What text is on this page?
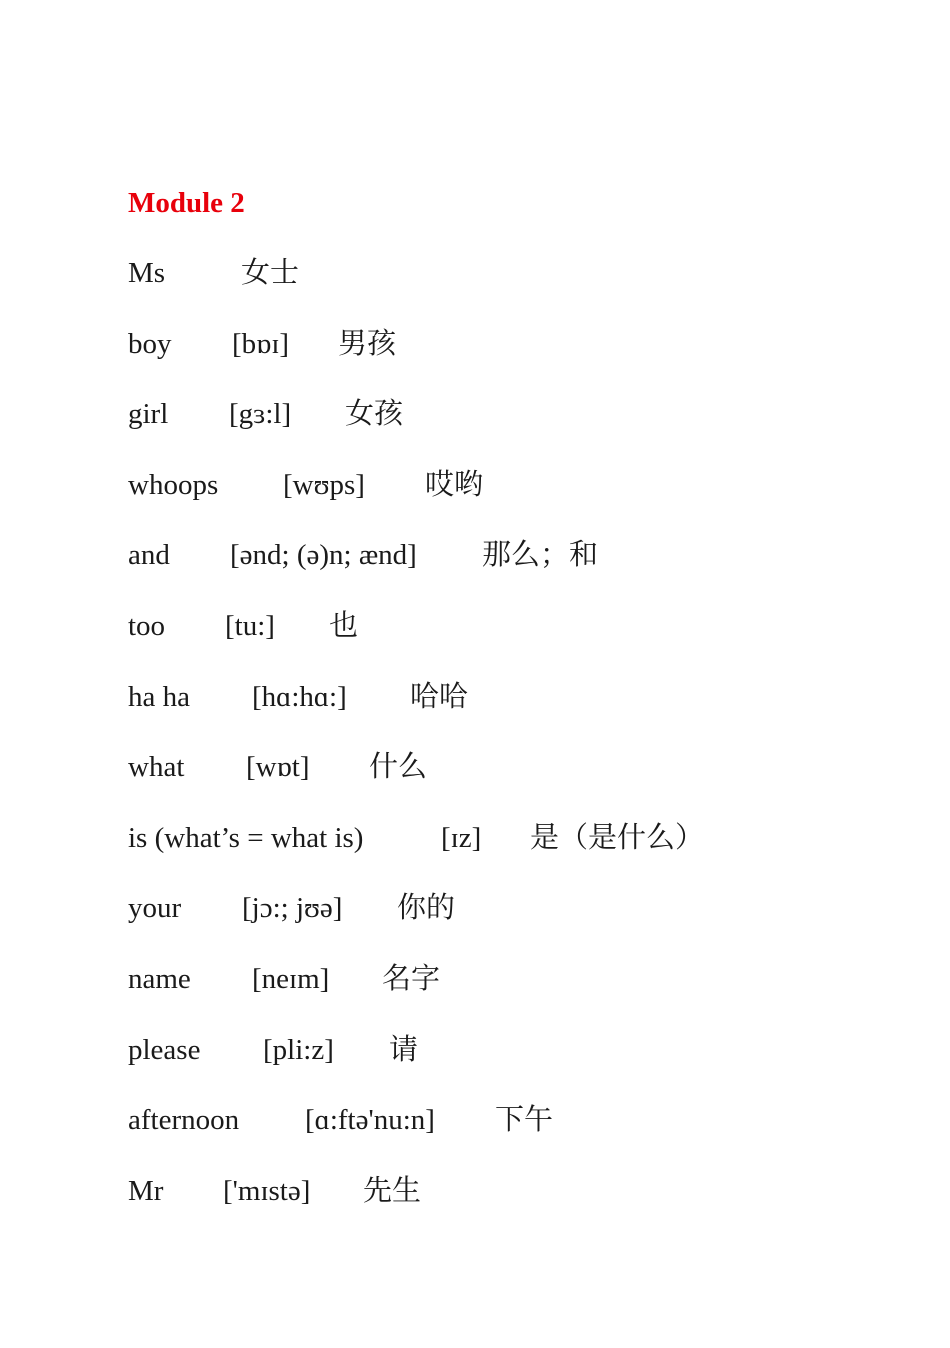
Module 2
Ms	女士
boy	[bɒɪ]	男孩
girl	[gɜ:l]	女孩
whoops	[wʊps]	哎哟
and	[ənd; (ə)n; ænd]	那么；和
too	[tu:]	也
ha ha	[hɑ:hɑ:]	哈哈
what	[wɒt]	什么
is (what’s = what is)	[ɪz]	是（是什么）
your	[jɔ:; jʊə]	你的
name	[neɪm]	名字
please	[pli:z]	请
afternoon	[ɑ:ftə'nu:n]	下午
Mr	['mɪstə]	先生
